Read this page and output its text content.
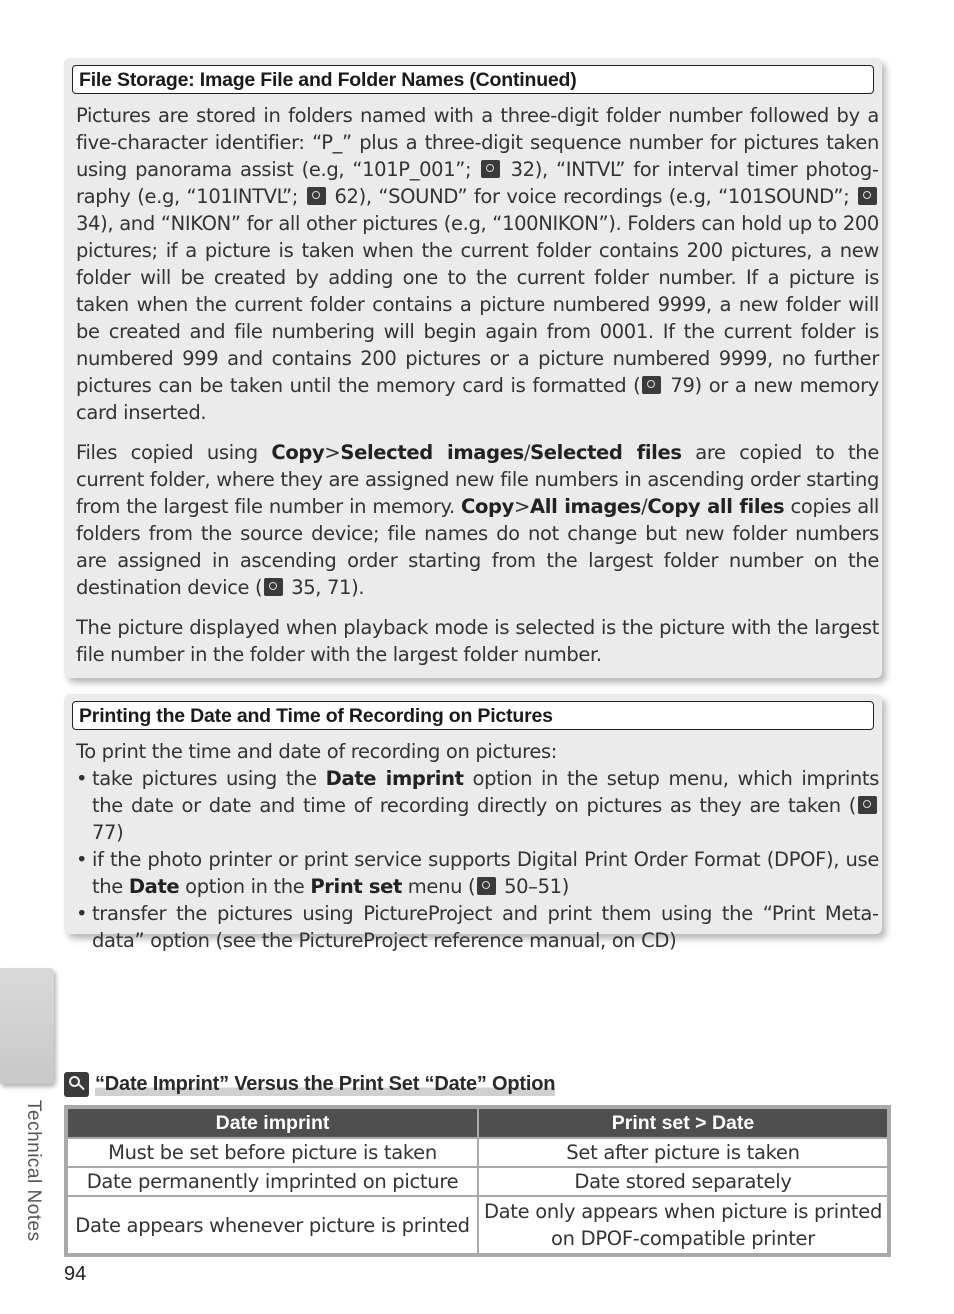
File Storage: Image File and Folder Names (Continued)

Pictures are stored in folders named with a three-digit folder number followed by a five-character identifier: “P_” plus a three-digit sequence number for pictures taken using panorama assist (e.g, “101P_001”; 32), “INTVL” for interval timer photography (e.g, “101INTVL”; 62), “SOUND” for voice recordings (e.g, “101SOUND”;  34), and “NIKON” for all other pictures (e.g, “100NIKON”). Folders can hold up to 200 pictures; if a picture is taken when the current folder contains 200 pictures, a new folder will be created by adding one to the current folder number. If a picture is taken when the current folder contains a picture numbered 9999, a new folder will be created and file numbering will begin again from 0001. If the current folder is numbered 999 and contains 200 pictures or a picture numbered 9999, no further pictures can be taken until the memory card is formatted ( 79) or a new memory card inserted.

Files copied using Copy>Selected images/Selected files are copied to the current folder, where they are assigned new file numbers in ascending order starting from the largest file number in memory. Copy>All images/Copy all files copies all folders from the source device; file names do not change but new folder numbers are assigned in ascending order starting from the largest folder number on the destination device ( 35, 71).

The picture displayed when playback mode is selected is the picture with the largest file number in the folder with the largest folder number.

Printing the Date and Time of Recording on Pictures
To print the time and date of recording on pictures:
• take pictures using the Date imprint option in the setup menu, which imprints the date or date and time of recording directly on pictures as they are taken ( 77)
• if the photo printer or print service supports Digital Print Order Format (DPOF), use the Date option in the Print set menu ( 50–51)
• transfer the pictures using PictureProject and print them using the “Print Metadata” option (see the PictureProject reference manual, on CD)
Technical Notes
“Date Imprint” Versus the Print Set “Date” Option
Date imprint	Print set > Date
Must be set before picture is taken	Set after picture is taken
Date permanently imprinted on picture	Date stored separately
Date appears whenever picture is printed	Date only appears when picture is printed on DPOF-compatible printer
94
